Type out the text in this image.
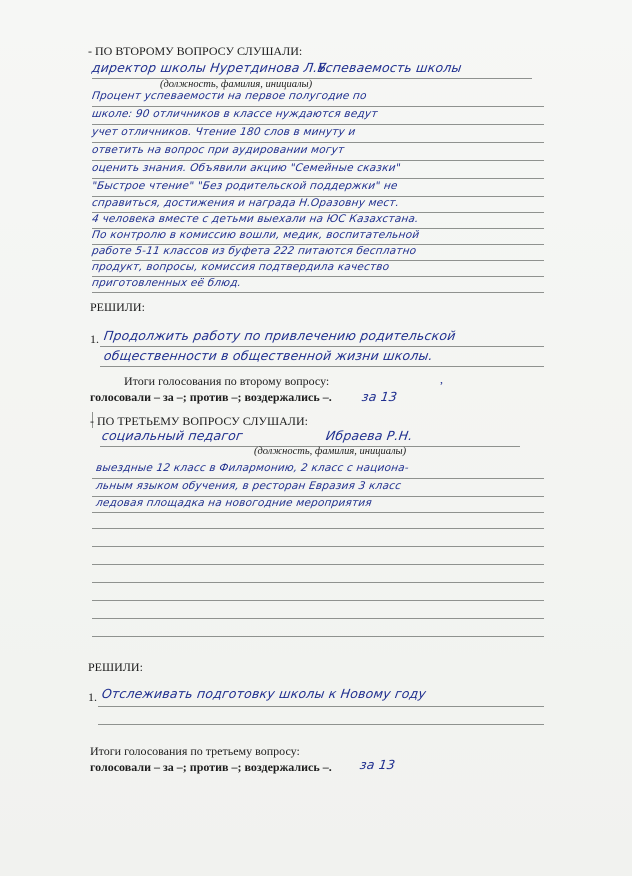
- ПО ВТОРОМУ ВОПРОСУ СЛУШАЛИ:
директор школы Нуретдинова Л.Б.
Успеваемость школы
(должность, фамилия, инициалы)
Процент успеваемости на первое полугодие по
школе: 90 отличников в классе нуждаются ведут
учет отличников. Чтение 180 слов в минуту и
ответить на вопрос при аудировании могут
оценить знания. Объявили акцию "Семейные сказки"
"Быстрое чтение" "Без родительской поддержки" не
справиться, достижения и награда Н.Оразовну мест.
4 человека вместе с детьми выехали на ЮС Казахстана.
По контролю в комиссию вошли, медик, воспитательной
работе 5-11 классов из буфета 222 питаются бесплатно
продукт, вопросы, комиссия подтвердила качество
приготовленных её блюд.
РЕШИЛИ:
1. Продолжить работу по привлечению родительской
общественности в общественной жизни школы.
,
Итоги голосования по второму вопросу:
голосовали – за –; против –; воздержались –. за 13
- ПО ТРЕТЬЕМУ ВОПРОСУ СЛУШАЛИ:
социальный педагог	Ибраева Р.Н.
(должность, фамилия, инициалы)
выездные 12 класс в Филармонию, 2 класс с национа-
льным языком обучения, в ресторан Евразия 3 класс
ледовая площадка на новогодние мероприятия
РЕШИЛИ:
1. Отслеживать подготовку школы к Новому году
Итоги голосования по третьему вопросу:
голосовали – за –; против –; воздержались –. за 13
